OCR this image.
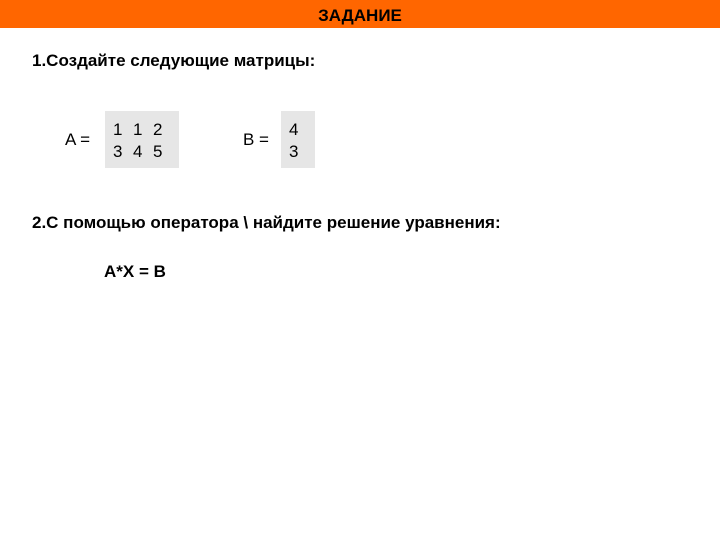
ЗАДАНИЕ
1.Создайте следующие матрицы:
A =
1 1 2
3 4 5
B =
4
3
2.С помощью оператора \ найдите решение уравнения:
A*X = B
